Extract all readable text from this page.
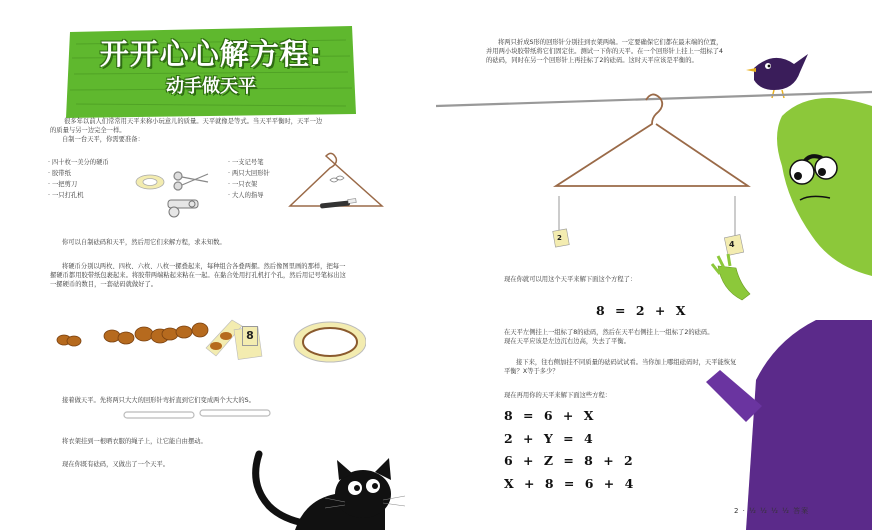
开开心心解方程:
动手做天平
很多年以前人们常常用天平来称小玩意儿的质量。天平就像是等式。当天平平衡时，天平一边
的质量与另一边完全一样。
自制一台天平，你需要准备：
· 四十枚一美分的硬币
· 胶带纸
· 一把剪刀
· 一只打孔机
· 一支记号笔
· 两只大回形针
· 一只衣架
· 大人的指导
你可以自制砝码和天平，然后用它们来解方程，求未知数。
将硬币分别以两枚、四枚、六枚、八枚一摞叠起来，每种组合各叠两摞。然后像图里画的那样，把每一
摞硬币都用胶带纸包裹起来。将胶带两端粘起来粘在一起。在黏合处用打孔机打个孔，然后用记号笔标出这
一摞硬币的数目，一套砝码就做好了。
8
接着做天平。先将两只大大的回形针弯折直到它们变成两个大大的S。
将衣架挂到一根晒衣服的绳子上，让它能自由摆动。
现在你既有砝码，又做出了一个天平。
将两只折成S形的回形针分别挂到衣架两端。一定要确保它们都在最末端的位置，
并用两小块胶带纸将它们固定住。测试一下你的天平。在一个回形针上挂上一组标了4
的砝码，同时在另一个回形针上再挂标了2的砝码。这时天平应该是平衡的。
2
4
现在你就可以用这个天平来解下面这个方程了：
8 = 2 + X
在天平左侧挂上一组标了8的砝码，然后在天平右侧挂上一组标了2的砝码。
现在天平应该是左边沉右边高，失去了平衡。
接下来，往右侧加挂不同质量的砝码试试看。当你加上哪组砝码时，天平能恢复
平衡？X等于多少？
现在再用你的天平来解下面这些方程：
8 = 6 + X
2 + Y = 4
6 + Z = 8 + 2
X + 8 = 6 + 4
2 · ½ ½ ½ ½ 答案
